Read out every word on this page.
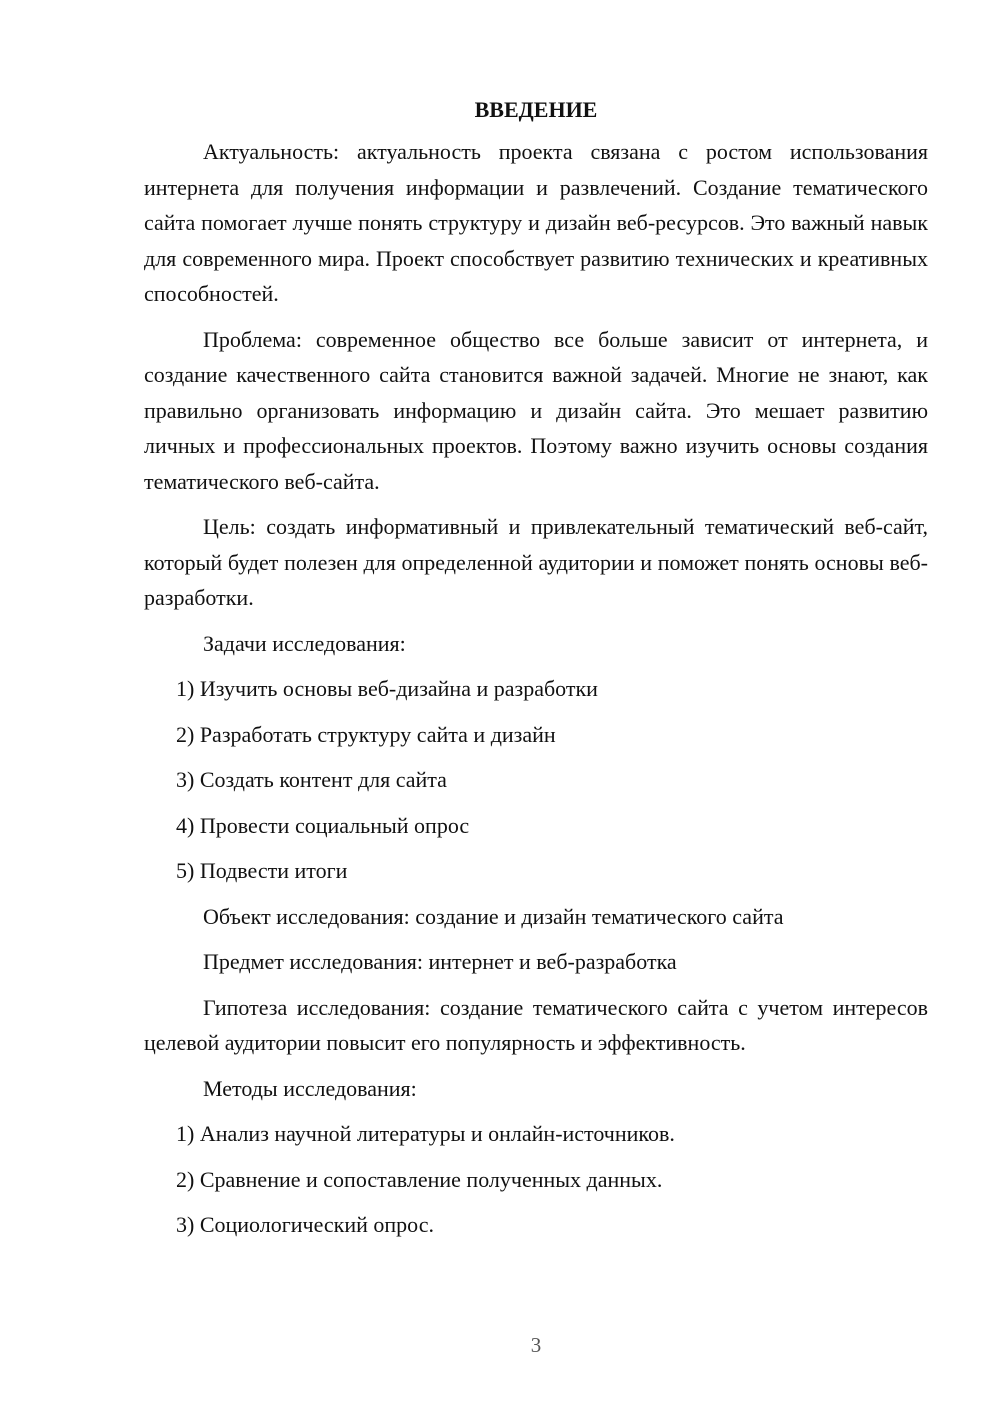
ВВЕДЕНИЕ
Актуальность: актуальность проекта связана с ростом использования интернета для получения информации и развлечений. Создание тематического сайта помогает лучше понять структуру и дизайн веб-ресурсов. Это важный навык для современного мира. Проект способствует развитию технических и креативных способностей.
Проблема: современное общество все больше зависит от интернета, и создание качественного сайта становится важной задачей. Многие не знают, как правильно организовать информацию и дизайн сайта. Это мешает развитию личных и профессиональных проектов. Поэтому важно изучить основы создания тематического веб-сайта.
Цель: создать информативный и привлекательный тематический веб-сайт, который будет полезен для определенной аудитории и поможет понять основы веб-разработки.
Задачи исследования:
1) Изучить основы веб-дизайна и разработки
2) Разработать структуру сайта и дизайн
3) Создать контент для сайта
4) Провести социальный опрос
5) Подвести итоги
Объект исследования: создание и дизайн тематического сайта
Предмет исследования: интернет и веб-разработка
Гипотеза исследования: создание тематического сайта с учетом интересов целевой аудитории повысит его популярность и эффективность.
Методы исследования:
1) Анализ научной литературы и онлайн-источников.
2) Сравнение и сопоставление полученных данных.
3) Социологический опрос.
3
